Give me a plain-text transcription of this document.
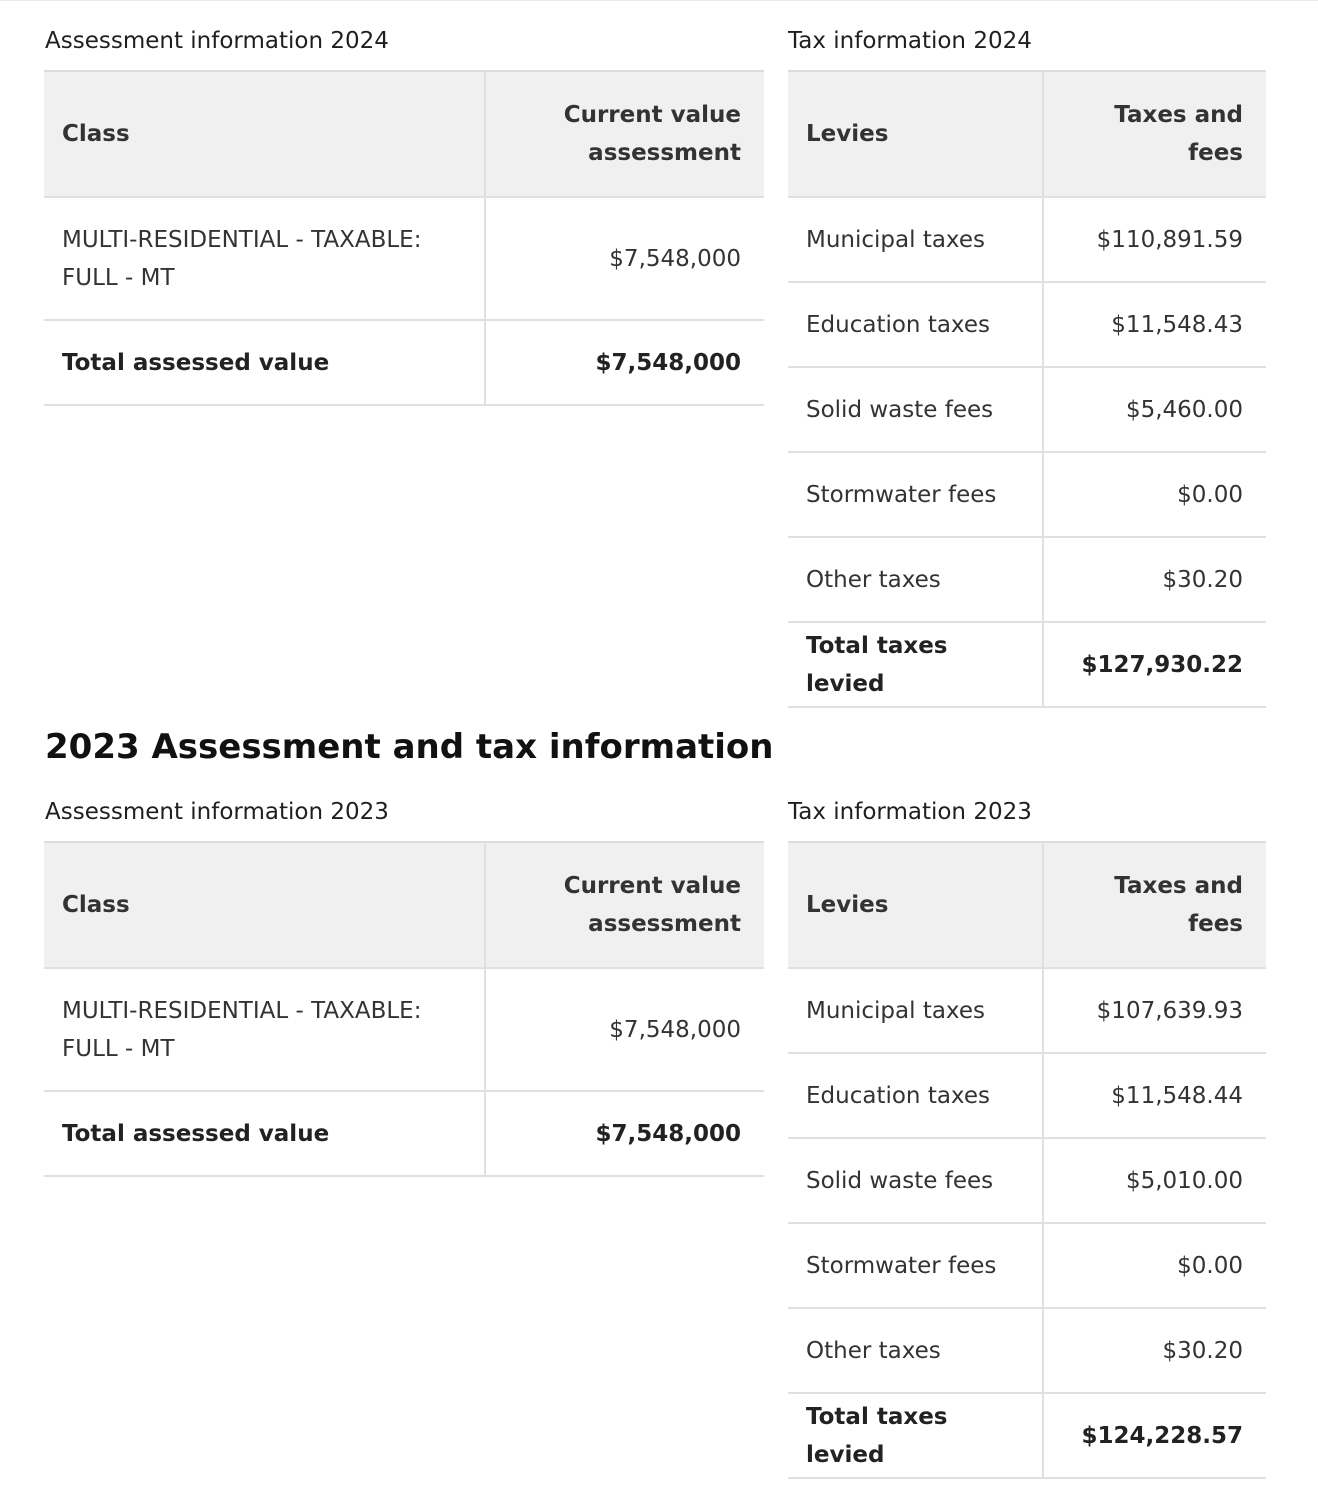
Assessment information 2024	Tax information 2024
Class	Current value assessment
MULTI-RESIDENTIAL - TAXABLE: FULL - MT	$7,548,000
Total assessed value	$7,548,000
Levies	Taxes and fees
Municipal taxes	$110,891.59
Education taxes	$11,548.43
Solid waste fees	$5,460.00
Stormwater fees	$0.00
Other taxes	$30.20
Total taxes levied	$127,930.22
2023 Assessment and tax information
Assessment information 2023	Tax information 2023
Class	Current value assessment
MULTI-RESIDENTIAL - TAXABLE: FULL - MT	$7,548,000
Total assessed value	$7,548,000
Levies	Taxes and fees
Municipal taxes	$107,639.93
Education taxes	$11,548.44
Solid waste fees	$5,010.00
Stormwater fees	$0.00
Other taxes	$30.20
Total taxes levied	$124,228.57
